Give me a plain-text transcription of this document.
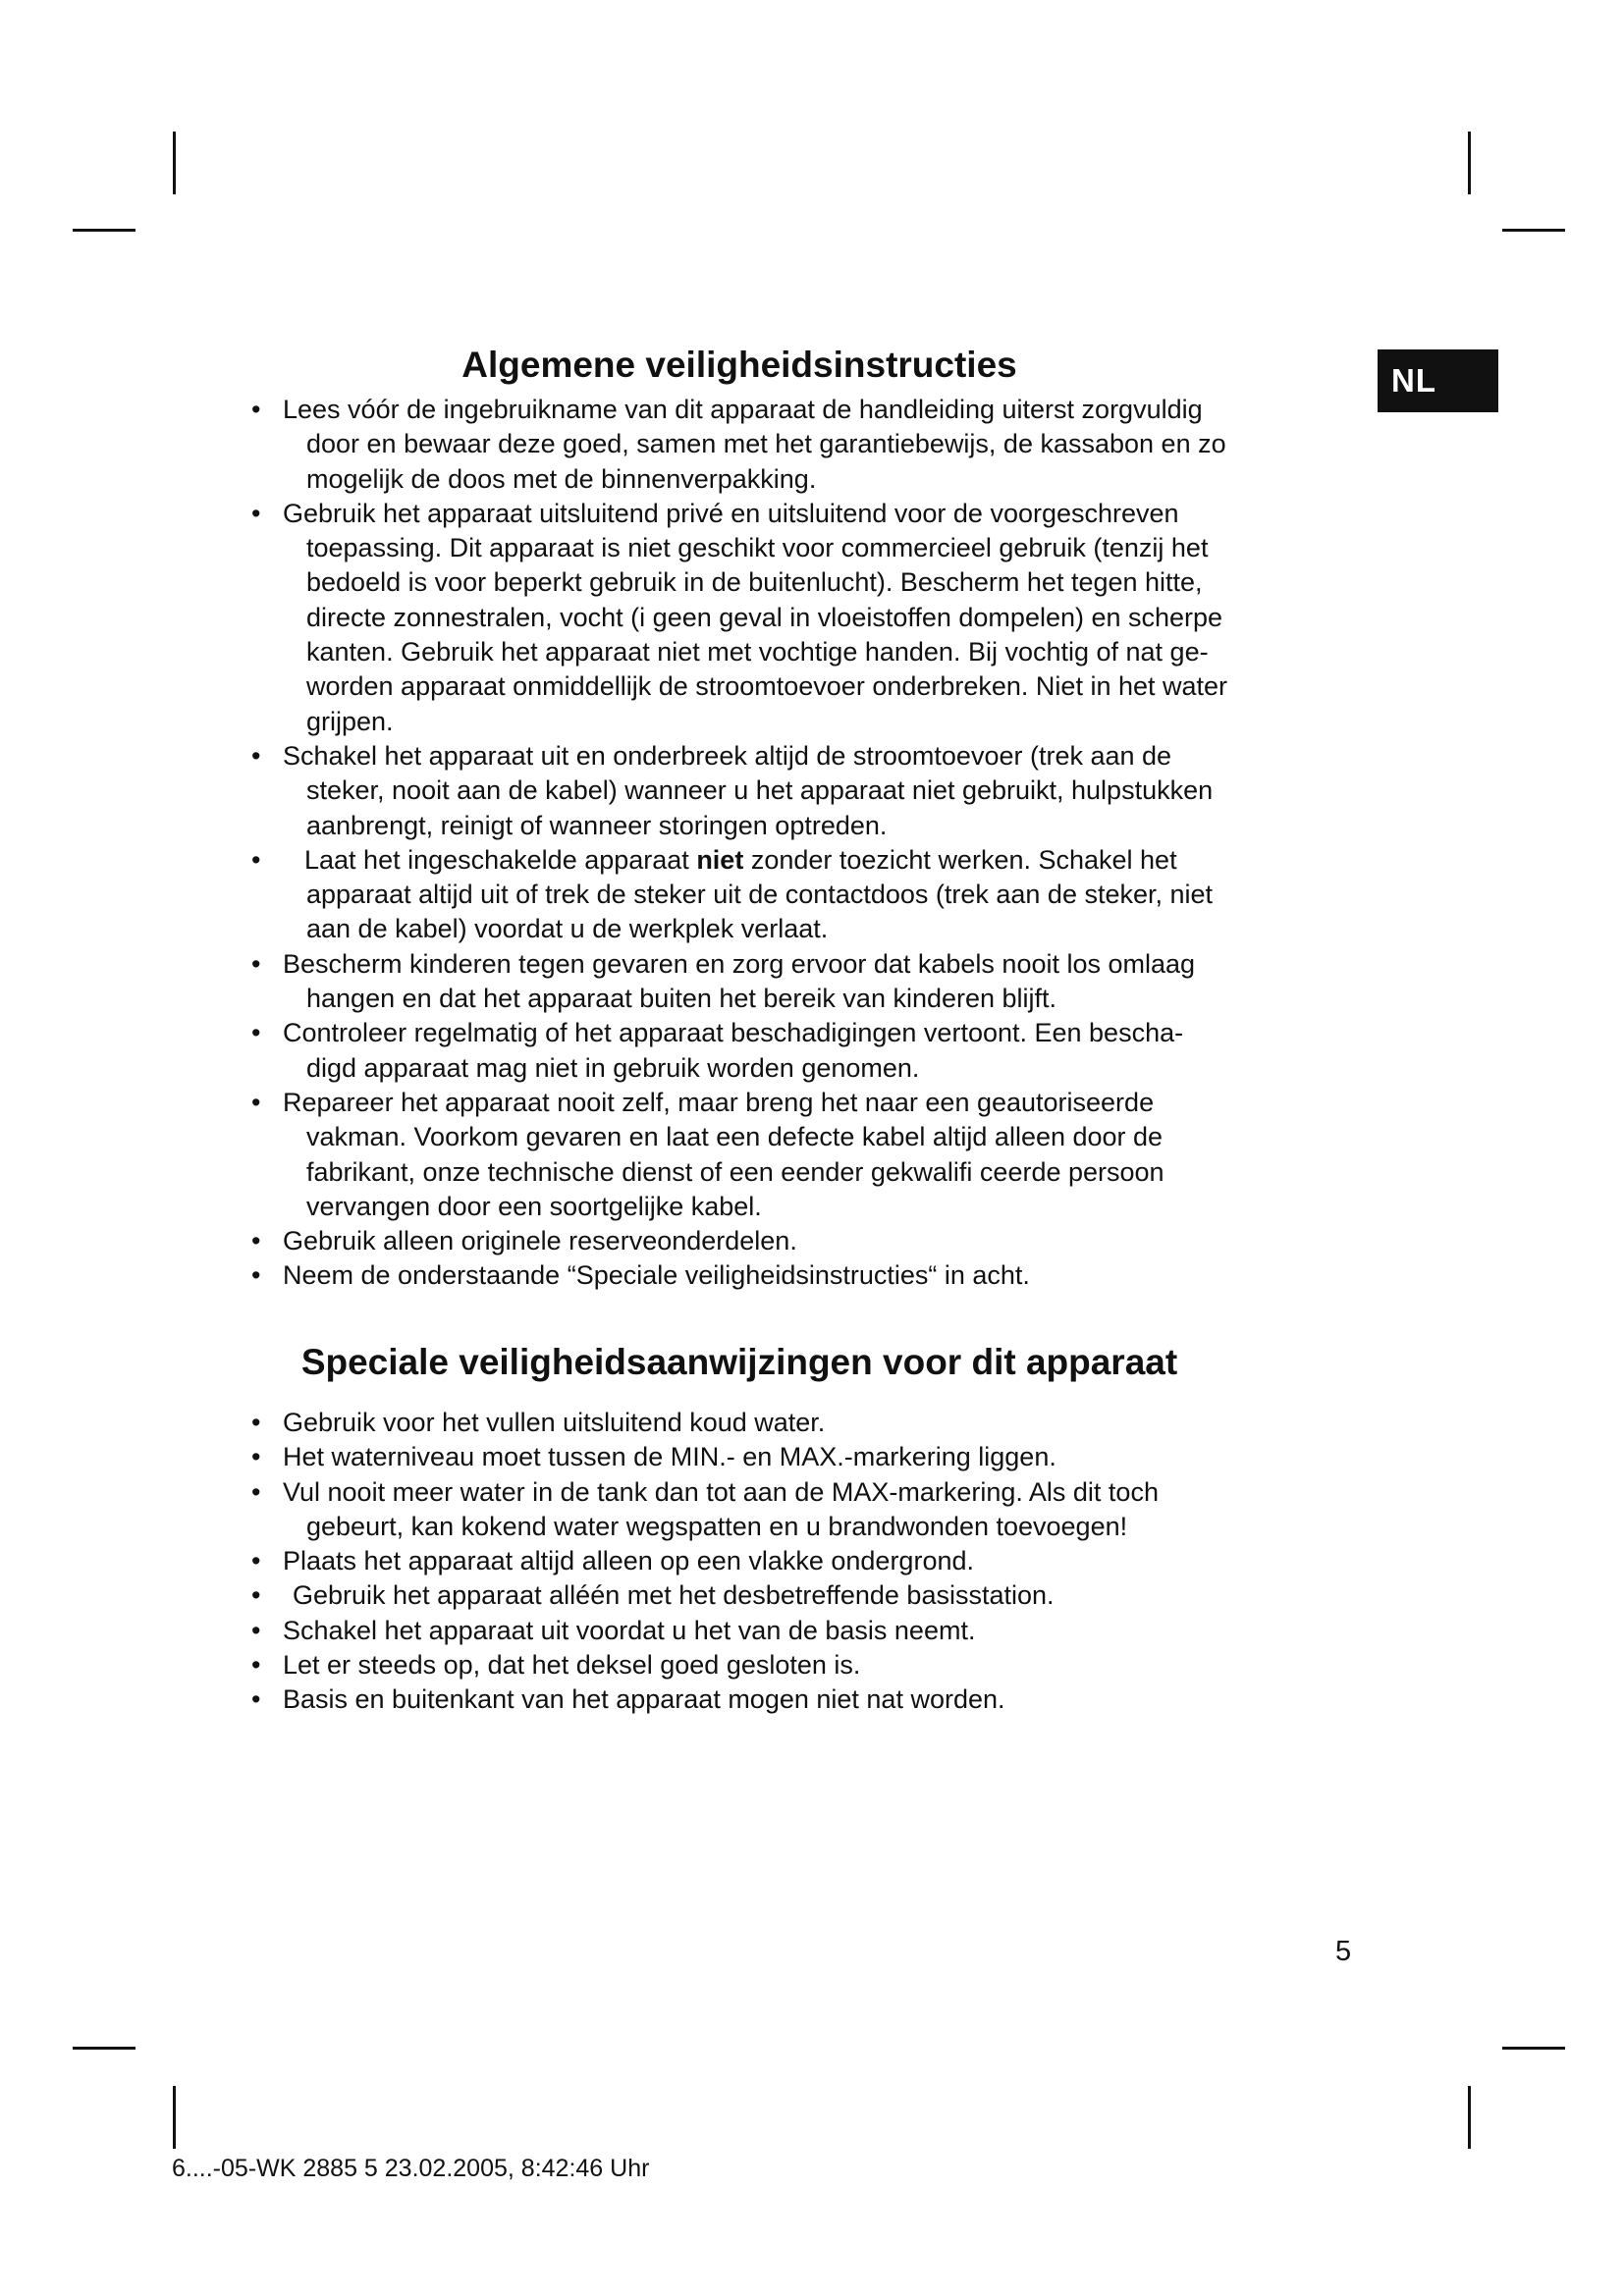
NL
Algemene veiligheidsinstructies
• Lees vóór de ingebruikname van dit apparaat de handleiding uiterst zorgvuldig
door en bewaar deze goed, samen met het garantiebewijs, de kassabon en zo
mogelijk de doos met de binnenverpakking.
• Gebruik het apparaat uitsluitend privé en uitsluitend voor de voorgeschreven
toepassing. Dit apparaat is niet geschikt voor commercieel gebruik (tenzij het
bedoeld is voor beperkt gebruik in de buitenlucht). Bescherm het tegen hitte,
directe zonnestralen, vocht (i geen geval in vloeistoffen dompelen) en scherpe
kanten. Gebruik het apparaat niet met vochtige handen. Bij vochtig of nat ge-
worden apparaat onmiddellijk de stroomtoevoer onderbreken. Niet in het water
grijpen.
• Schakel het apparaat uit en onderbreek altijd de stroomtoevoer (trek aan de
steker, nooit aan de kabel) wanneer u het apparaat niet gebruikt, hulpstukken
aanbrengt, reinigt of wanneer storingen optreden.
•	Laat het ingeschakelde apparaat niet zonder toezicht werken. Schakel het
apparaat altijd uit of trek de steker uit de contactdoos (trek aan de steker, niet
aan de kabel) voordat u de werkplek verlaat.
• Bescherm kinderen tegen gevaren en zorg ervoor dat kabels nooit los omlaag
hangen en dat het apparaat buiten het bereik van kinderen blijft.
• Controleer regelmatig of het apparaat beschadigingen vertoont. Een bescha-
digd apparaat mag niet in gebruik worden genomen.
• Repareer het apparaat nooit zelf, maar breng het naar een geautoriseerde
vakman. Voorkom gevaren en laat een defecte kabel altijd alleen door de
fabrikant, onze technische dienst of een eender gekwalifi ceerde persoon
vervangen door een soortgelijke kabel.
• Gebruik alleen originele reserveonderdelen.
• Neem de onderstaande “Speciale veiligheidsinstructies“ in acht.
Speciale veiligheidsaanwijzingen voor dit apparaat
• Gebruik voor het vullen uitsluitend koud water.
• Het waterniveau moet tussen de MIN.- en MAX.-markering liggen.
• Vul nooit meer water in de tank dan tot aan de MAX-markering. Als dit toch
gebeurt, kan kokend water wegspatten en u brandwonden toevoegen!
• Plaats het apparaat altijd alleen op een vlakke ondergrond.
•	Gebruik het apparaat alléén met het desbetreffende basisstation.
• Schakel het apparaat uit voordat u het van de basis neemt.
• Let er steeds op, dat het deksel goed gesloten is.
• Basis en buitenkant van het apparaat mogen niet nat worden.
5
6....-05-WK 2885 5 23.02.2005, 8:42:46 Uhr
